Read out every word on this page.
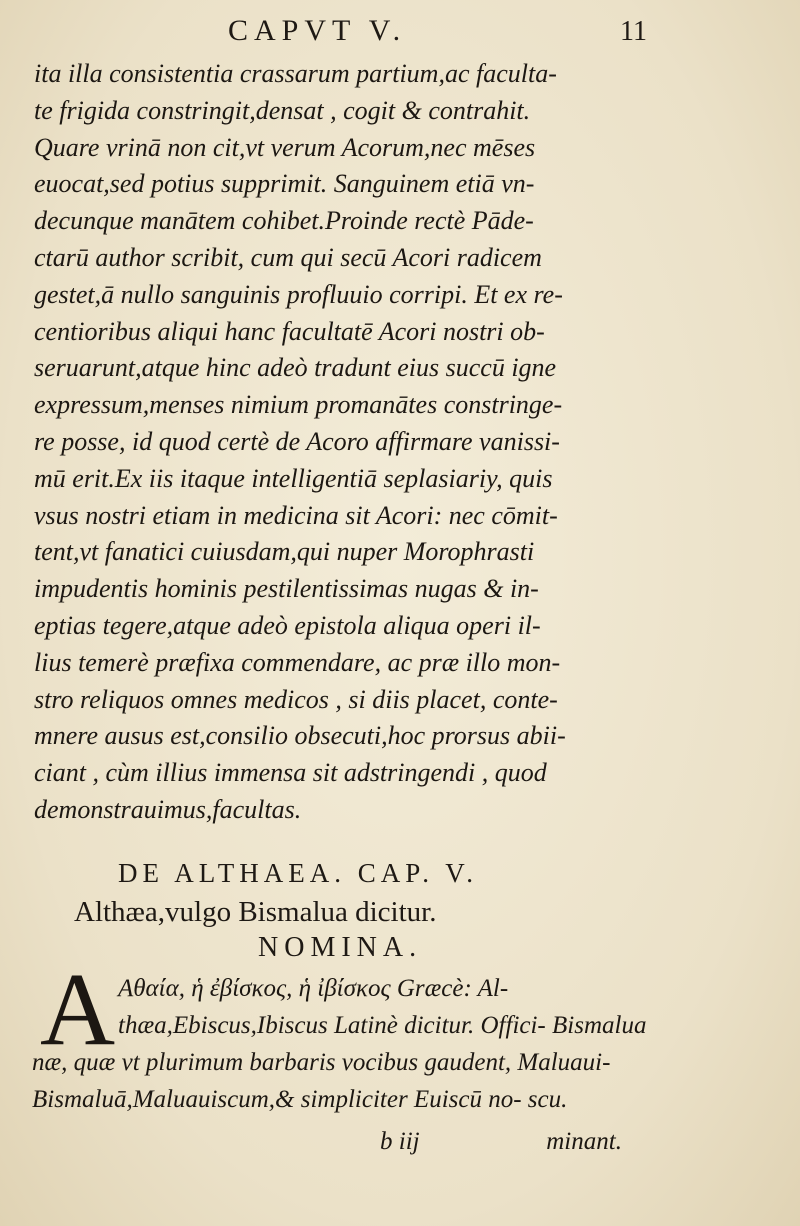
CAPVT V.	11
ita illa consistentia crassarum partium,ac faculta-
te frigida constringit,densat , cogit & contrahit.
Quare vrinā non cit,vt verum Acorum,nec mēses
euocat,sed potius supprimit. Sanguinem etiā vn-
decunque manātem cohibet.Proinde rectè Pāde-
ctarū author scribit, cum qui secū Acori radicem
gestet,ā nullo sanguinis profluuio corripi. Et ex re-
centioribus aliqui hanc facultatē Acori nostri ob-
seruarunt,atque hinc adeò tradunt eius succū igne
expressum,menses nimium promanātes constringe-
re posse, id quod certè de Acoro affirmare vanissi-
mū erit.Ex iis itaque intelligentiā seplasiariy, quis
vsus nostri etiam in medicina sit Acori: nec cōmit-
tent,vt fanatici cuiusdam,qui nuper Morophrasti
impudentis hominis pestilentissimas nugas & in-
eptias tegere,atque adeò epistola aliqua operi il-
lius temerè præfixa commendare, ac præ illo mon-
stro reliquos omnes medicos , si diis placet, conte-
mnere ausus est,consilio obsecuti,hoc prorsus abii-
ciant , cùm illius immensa sit adstringendi , quod
demonstrauimus,facultas.
DE ALTHAEA. CAP. V.
Althæa,vulgo Bismalua dicitur.
NOMINA.
A Αθαία, ἡ ἐβίσκος, ἡ ἰβίσκος Græcè: Al-
thæa,Ebiscus,Ibiscus Latinè dicitur. Offici- Bismalua
næ, quæ vt plurimum barbaris vocibus gaudent, Maluaui-
Bismaluā,Maluauiscum,& simpliciter Euiscū no- scu.
b iij	minant.
